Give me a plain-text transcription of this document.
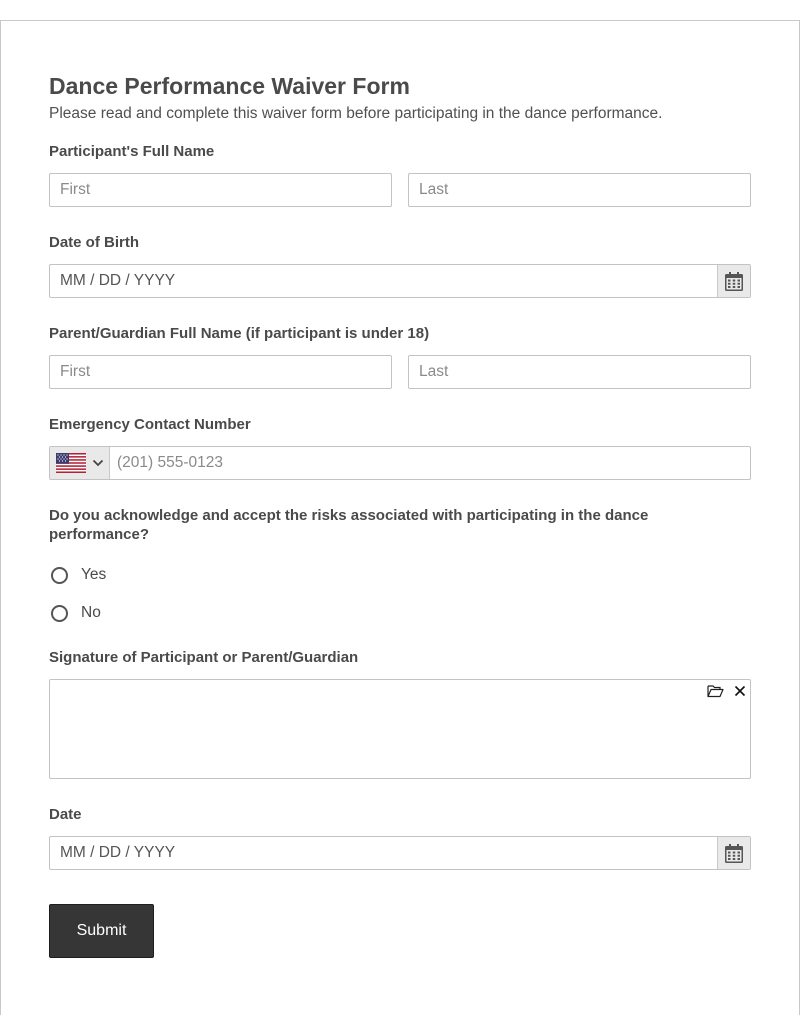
Dance Performance Waiver Form
Please read and complete this waiver form before participating in the dance performance.
Participant's Full Name
First
Last
Date of Birth
MM / DD / YYYY
Parent/Guardian Full Name (if participant is under 18)
First
Last
Emergency Contact Number
(201) 555-0123
Do you acknowledge and accept the risks associated with participating in the dance performance?
Yes
No
Signature of Participant or Parent/Guardian
Date
MM / DD / YYYY
Submit
